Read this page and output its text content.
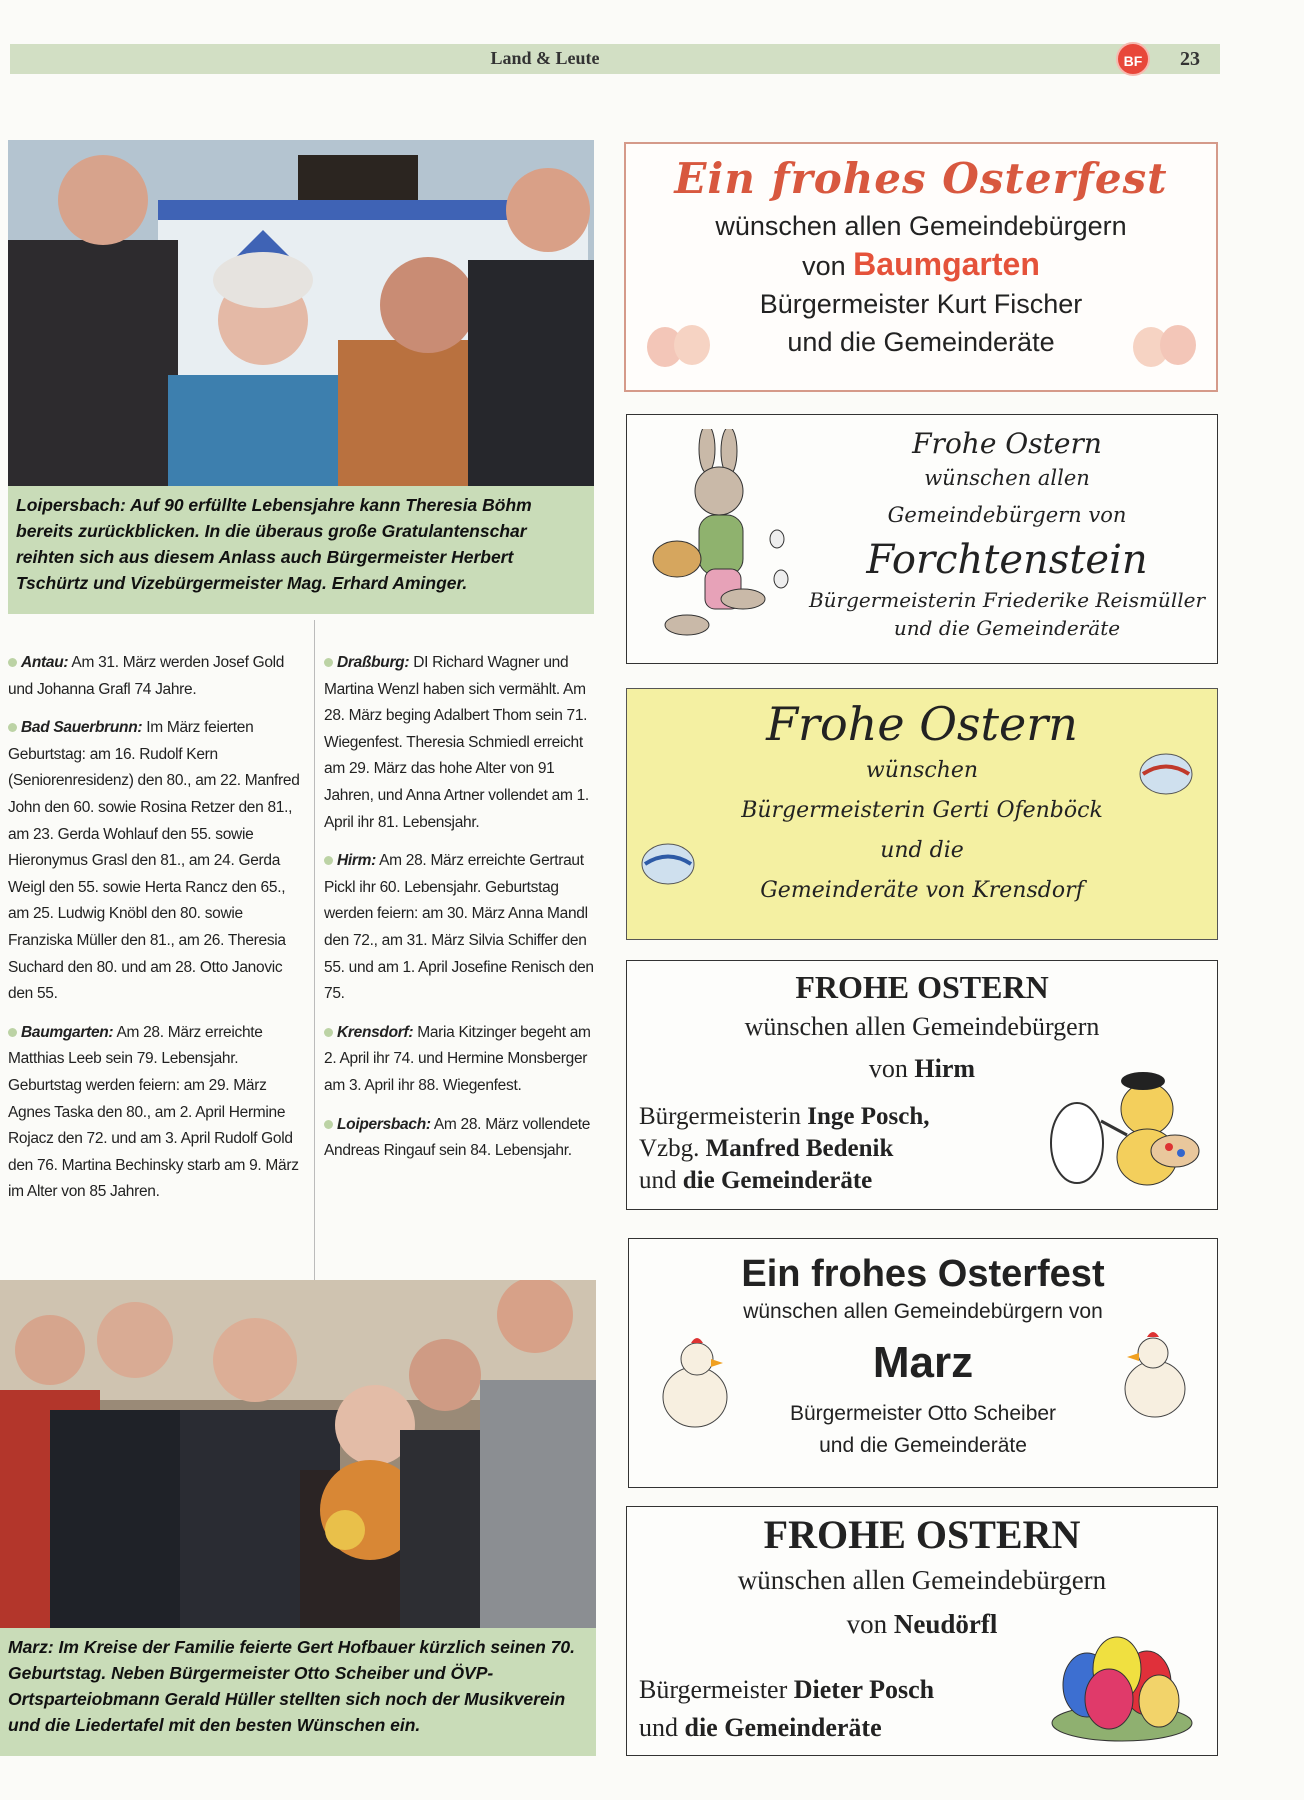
Land & Leute	BF	23
Loipersbach: Auf 90 erfüllte Lebensjahre kann Theresia Böhm bereits zurückblicken. In die überaus große Gratulantenschar reihten sich aus diesem Anlass auch Bürgermeister Herbert Tschürtz und Vizebürgermeister Mag. Erhard Aminger.

Antau: Am 31. März werden Josef Gold und Johanna Grafl 74 Jahre.

Bad Sauerbrunn: Im März feierten Geburtstag: am 16. Rudolf Kern (Seniorenresidenz) den 80., am 22. Manfred John den 60. sowie Rosina Retzer den 81., am 23. Gerda Wohlauf den 55. sowie Hieronymus Grasl den 81., am 24. Gerda Weigl den 55. sowie Herta Rancz den 65., am 25. Ludwig Knöbl den 80. sowie Franziska Müller den 81., am 26. Theresia Suchard den 80. und am 28. Otto Janovic den 55.

Baumgarten: Am 28. März erreichte Matthias Leeb sein 79. Lebensjahr. Geburtstag werden feiern: am 29. März Agnes Taska den 80., am 2. April Hermine Rojacz den 72. und am 3. April Rudolf Gold den 76. Martina Bechinsky starb am 9. März im Alter von 85 Jahren.

Draßburg: DI Richard Wagner und Martina Wenzl haben sich vermählt. Am 28. März beging Adalbert Thom sein 71. Wiegenfest. Theresia Schmiedl erreicht am 29. März das hohe Alter von 91 Jahren, und Anna Artner vollendet am 1. April ihr 81. Lebensjahr.

Hirm: Am 28. März erreichte Gertraut Pickl ihr 60. Lebensjahr. Geburtstag werden feiern: am 30. März Anna Mandl den 72., am 31. März Silvia Schiffer den 55. und am 1. April Josefine Renisch den 75.

Krensdorf: Maria Kitzinger begeht am 2. April ihr 74. und Hermine Monsberger am 3. April ihr 88. Wiegenfest.

Loipersbach: Am 28. März vollendete Andreas Ringauf sein 84. Lebensjahr.

Marz: Im Kreise der Familie feierte Gert Hofbauer kürzlich seinen 70. Geburtstag. Neben Bürgermeister Otto Scheiber und ÖVP-Ortsparteiobmann Gerald Hüller stellten sich noch der Musikverein und die Liedertafel mit den besten Wünschen ein.
Ein frohes Osterfest
wünschen allen Gemeindebürgern
von Baumgarten
Bürgermeister Kurt Fischer
und die Gemeinderäte
Frohe Ostern
wünschen allen
Gemeindebürgern von
Forchtenstein
Bürgermeisterin Friederike Reismüller
und die Gemeinderäte
Frohe Ostern
wünschen
Bürgermeisterin Gerti Ofenböck
und die
Gemeinderäte von Krensdorf
FROHE OSTERN
wünschen allen Gemeindebürgern
von Hirm
Bürgermeisterin Inge Posch,
Vzbg. Manfred Bedenik
und die Gemeinderäte
Ein frohes Osterfest
wünschen allen Gemeindebürgern von
Marz
Bürgermeister Otto Scheiber
und die Gemeinderäte
FROHE OSTERN
wünschen allen Gemeindebürgern
von Neudörfl
Bürgermeister Dieter Posch
und die Gemeinderäte
